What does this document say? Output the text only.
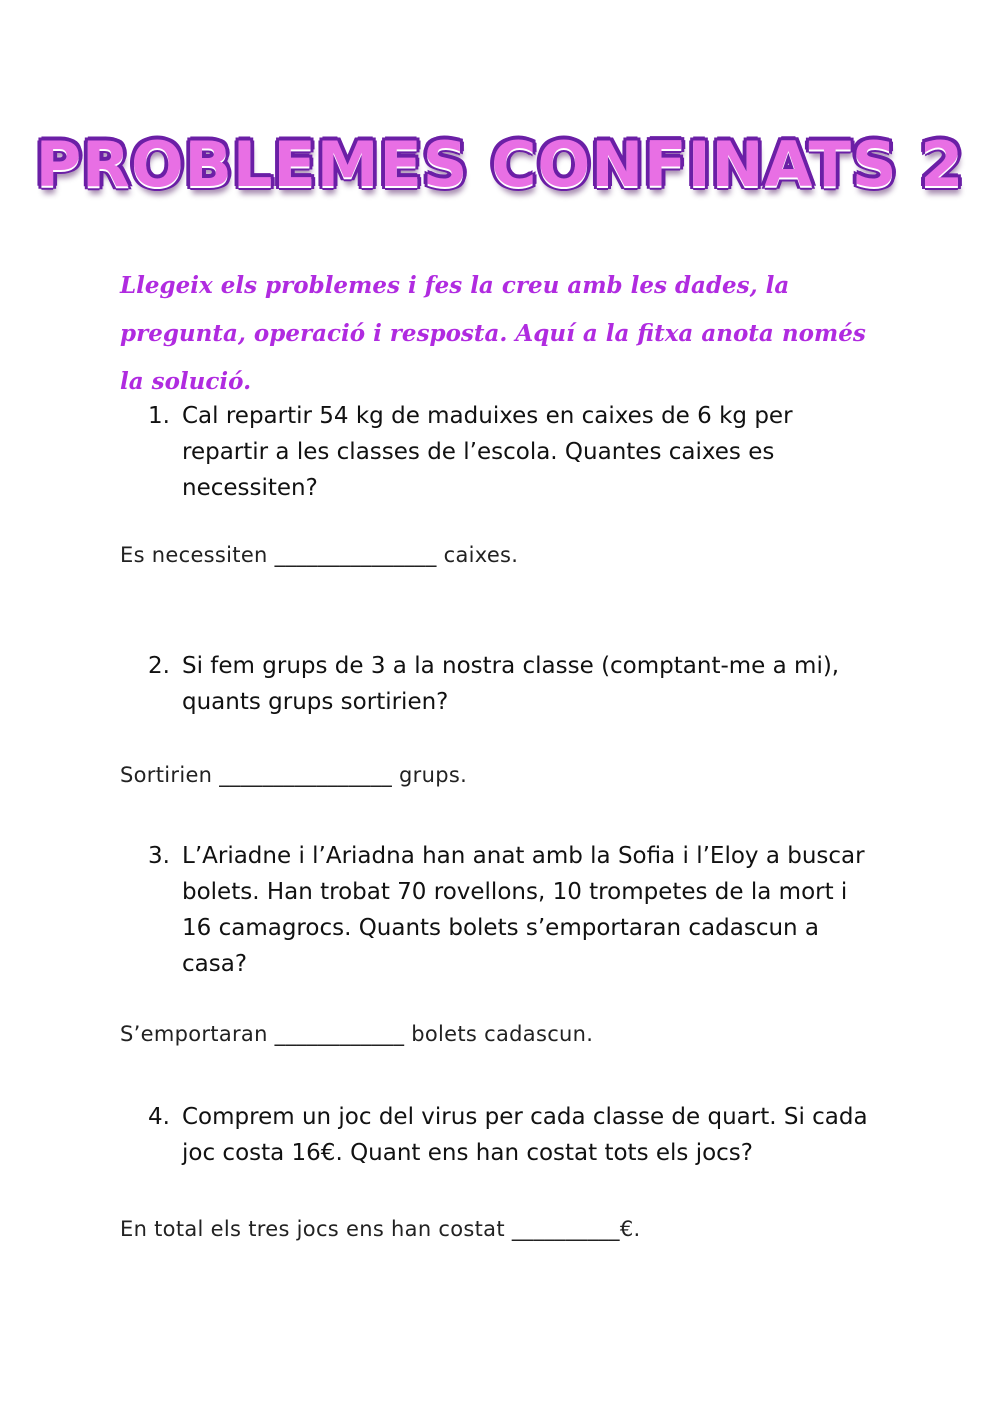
PROBLEMES CONFINATS 2

Llegeix els problemes i fes la creu amb les dades, la pregunta, operació i resposta. Aquí a la fitxa anota només la solució.

1. Cal repartir 54 kg de maduixes en caixes de 6 kg per repartir a les classes de l’escola. Quantes caixes es necessiten?
Es necessiten _______________ caixes.
2. Si fem grups de 3 a la nostra classe (comptant-me a mi), quants grups sortirien?
Sortirien ________________ grups.
3. L’Ariadne i l’Ariadna han anat amb la Sofia i l’Eloy a buscar bolets. Han trobat 70 rovellons, 10 trompetes de la mort i 16 camagrocs. Quants bolets s’emportaran cadascun a casa?
S’emportaran ____________ bolets cadascun.
4. Comprem un joc del virus per cada classe de quart. Si cada joc costa 16€. Quant ens han costat tots els jocs?
En total els tres jocs ens han costat __________€.
